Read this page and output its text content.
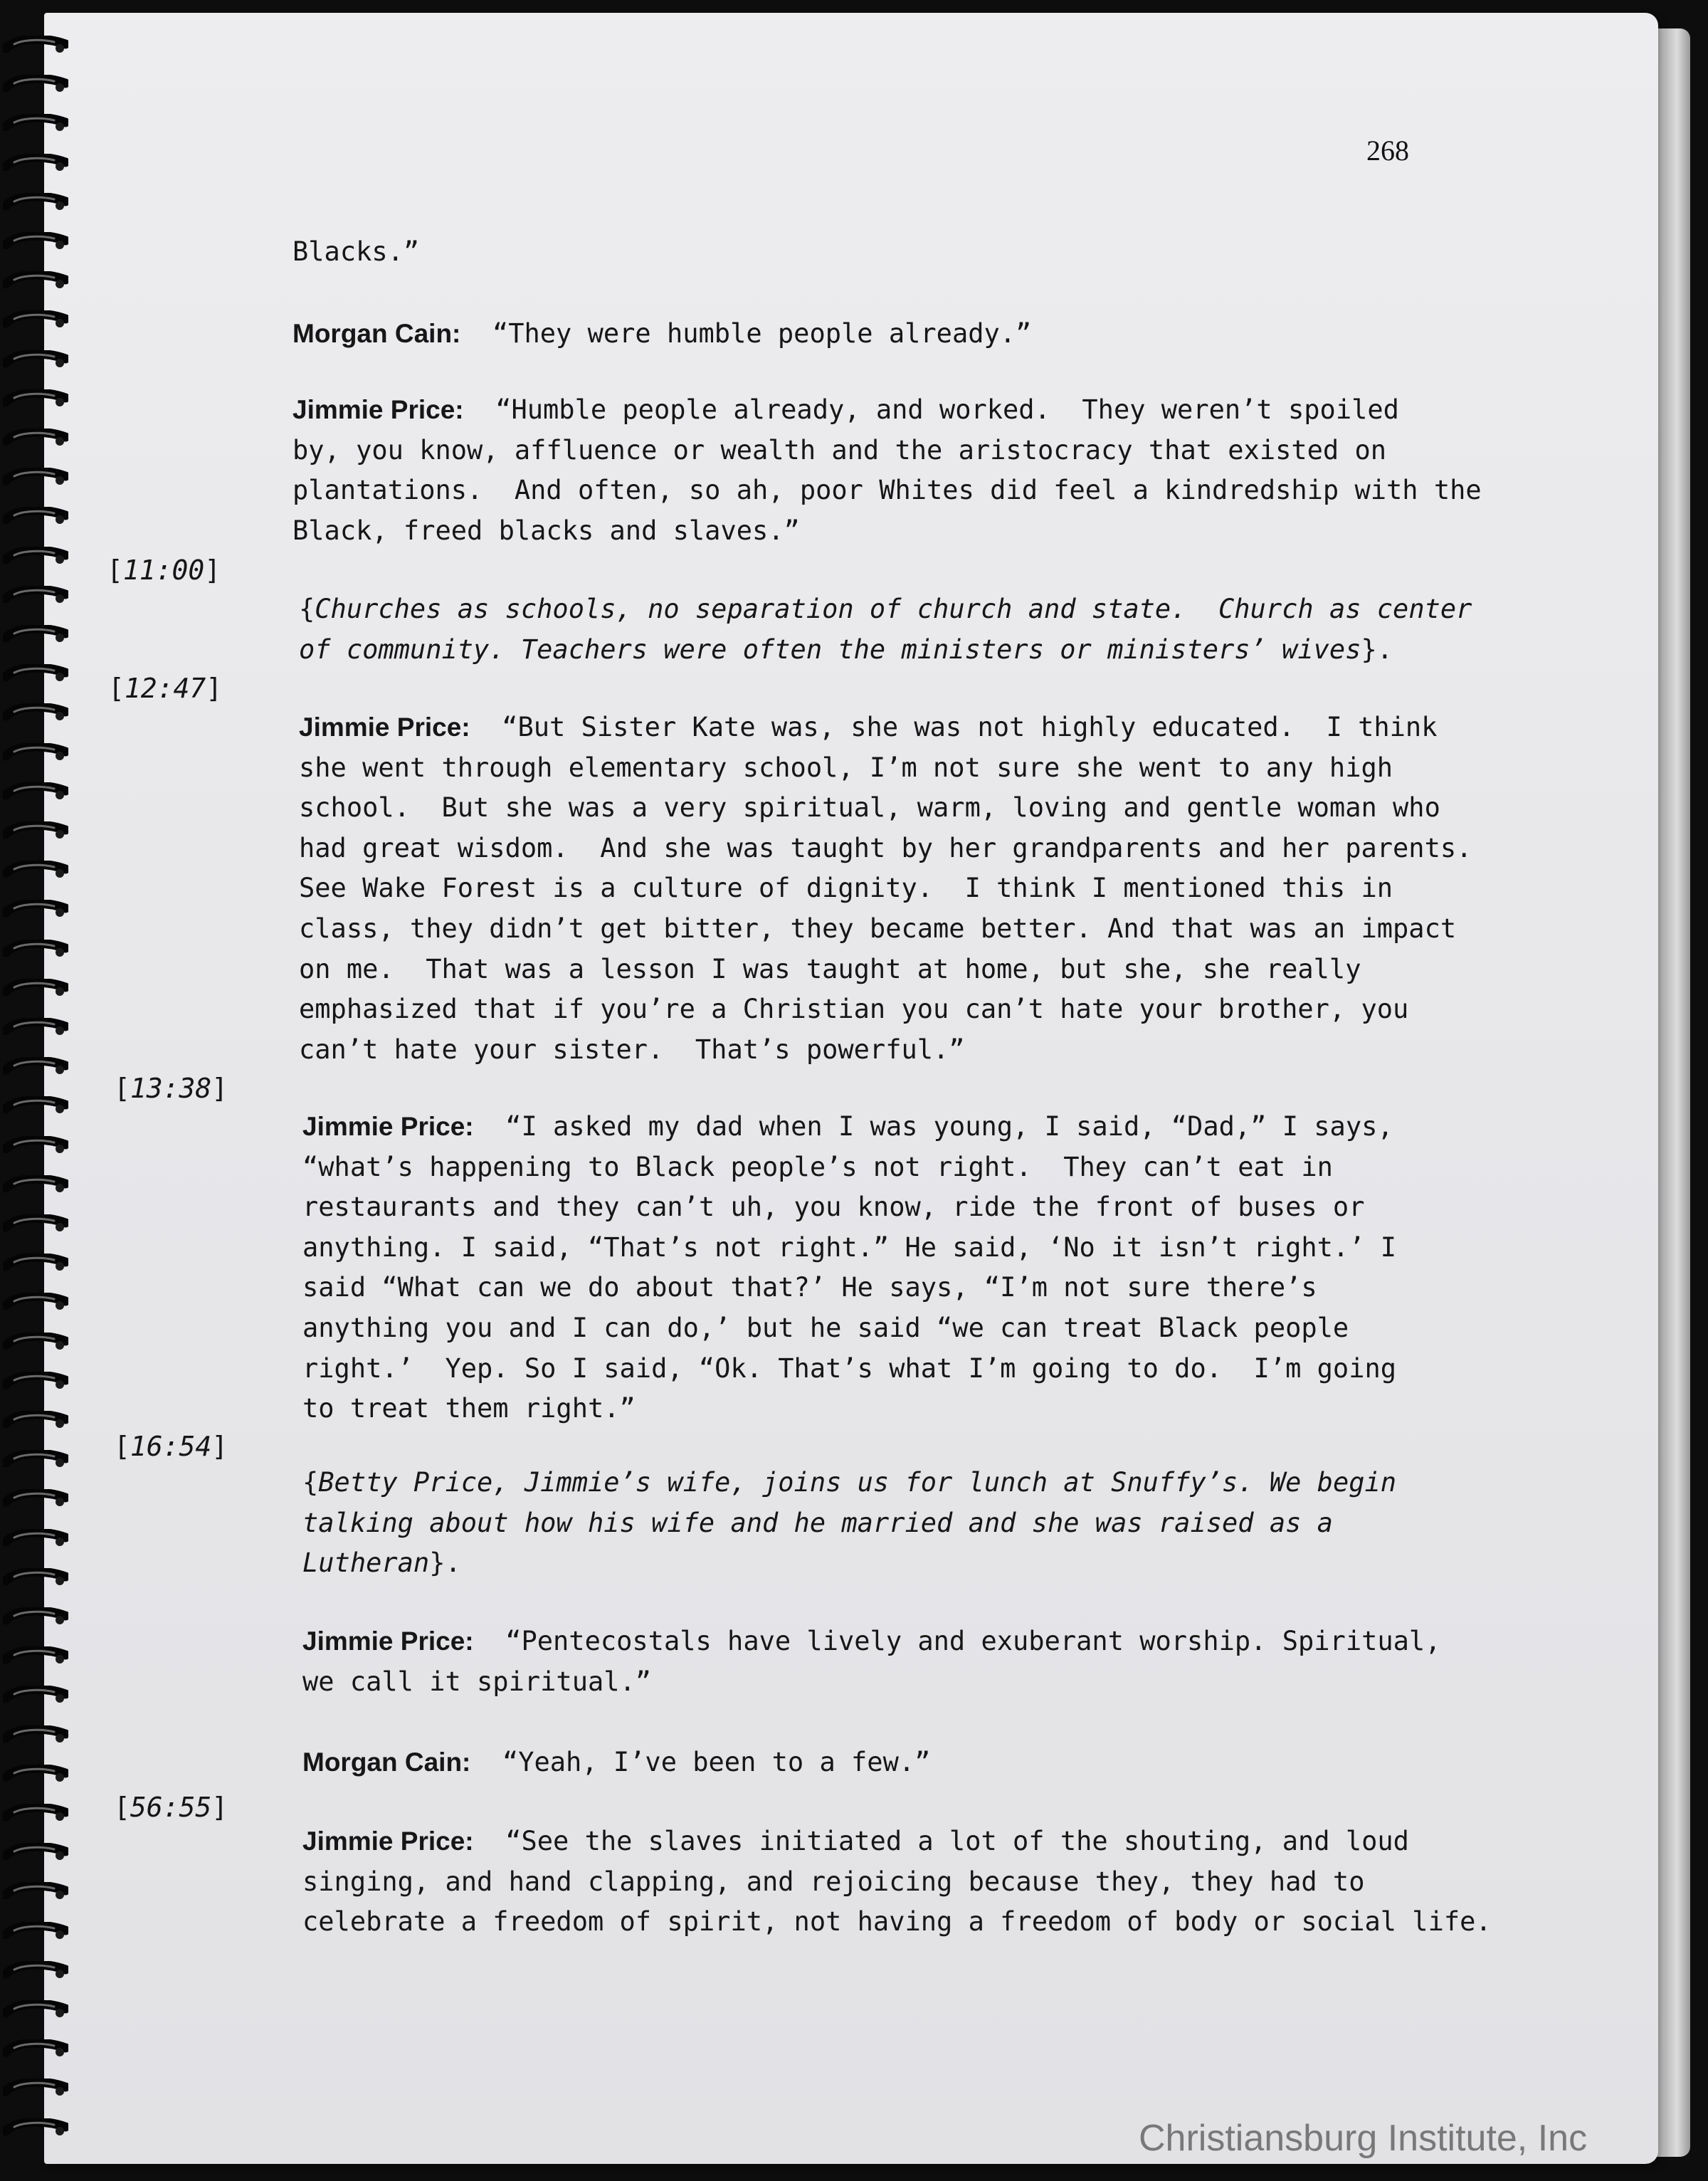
268
Blacks.”
Morgan Cain:  “They were humble people already.”
Jimmie Price:  “Humble people already, and worked.  They weren’t spoiled
by, you know, affluence or wealth and the aristocracy that existed on
plantations.  And often, so ah, poor Whites did feel a kindredship with the
Black, freed blacks and slaves.”

[11:00]

{Churches as schools, no separation of church and state.  Church as center
of community. Teachers were often the ministers or ministers’ wives}.

[12:47]

Jimmie Price:  “But Sister Kate was, she was not highly educated.  I think
she went through elementary school, I’m not sure she went to any high
school.  But she was a very spiritual, warm, loving and gentle woman who
had great wisdom.  And she was taught by her grandparents and her parents.
See Wake Forest is a culture of dignity.  I think I mentioned this in
class, they didn’t get bitter, they became better. And that was an impact
on me.  That was a lesson I was taught at home, but she, she really
emphasized that if you’re a Christian you can’t hate your brother, you
can’t hate your sister.  That’s powerful.”

[13:38]

Jimmie Price:  “I asked my dad when I was young, I said, “Dad,” I says,
“what’s happening to Black people’s not right.  They can’t eat in
restaurants and they can’t uh, you know, ride the front of buses or
anything. I said, “That’s not right.” He said, ‘No it isn’t right.’ I
said “What can we do about that?’ He says, “I’m not sure there’s
anything you and I can do,’ but he said “we can treat Black people
right.’  Yep. So I said, “Ok. That’s what I’m going to do.  I’m going
to treat them right.”

[16:54]

{Betty Price, Jimmie’s wife, joins us for lunch at Snuffy’s. We begin
talking about how his wife and he married and she was raised as a
Lutheran}.
Jimmie Price:  “Pentecostals have lively and exuberant worship. Spiritual,
we call it spiritual.”
Morgan Cain:  “Yeah, I’ve been to a few.”

[56:55]

Jimmie Price:  “See the slaves initiated a lot of the shouting, and loud
singing, and hand clapping, and rejoicing because they, they had to
celebrate a freedom of spirit, not having a freedom of body or social life.
Christiansburg Institute, Inc
